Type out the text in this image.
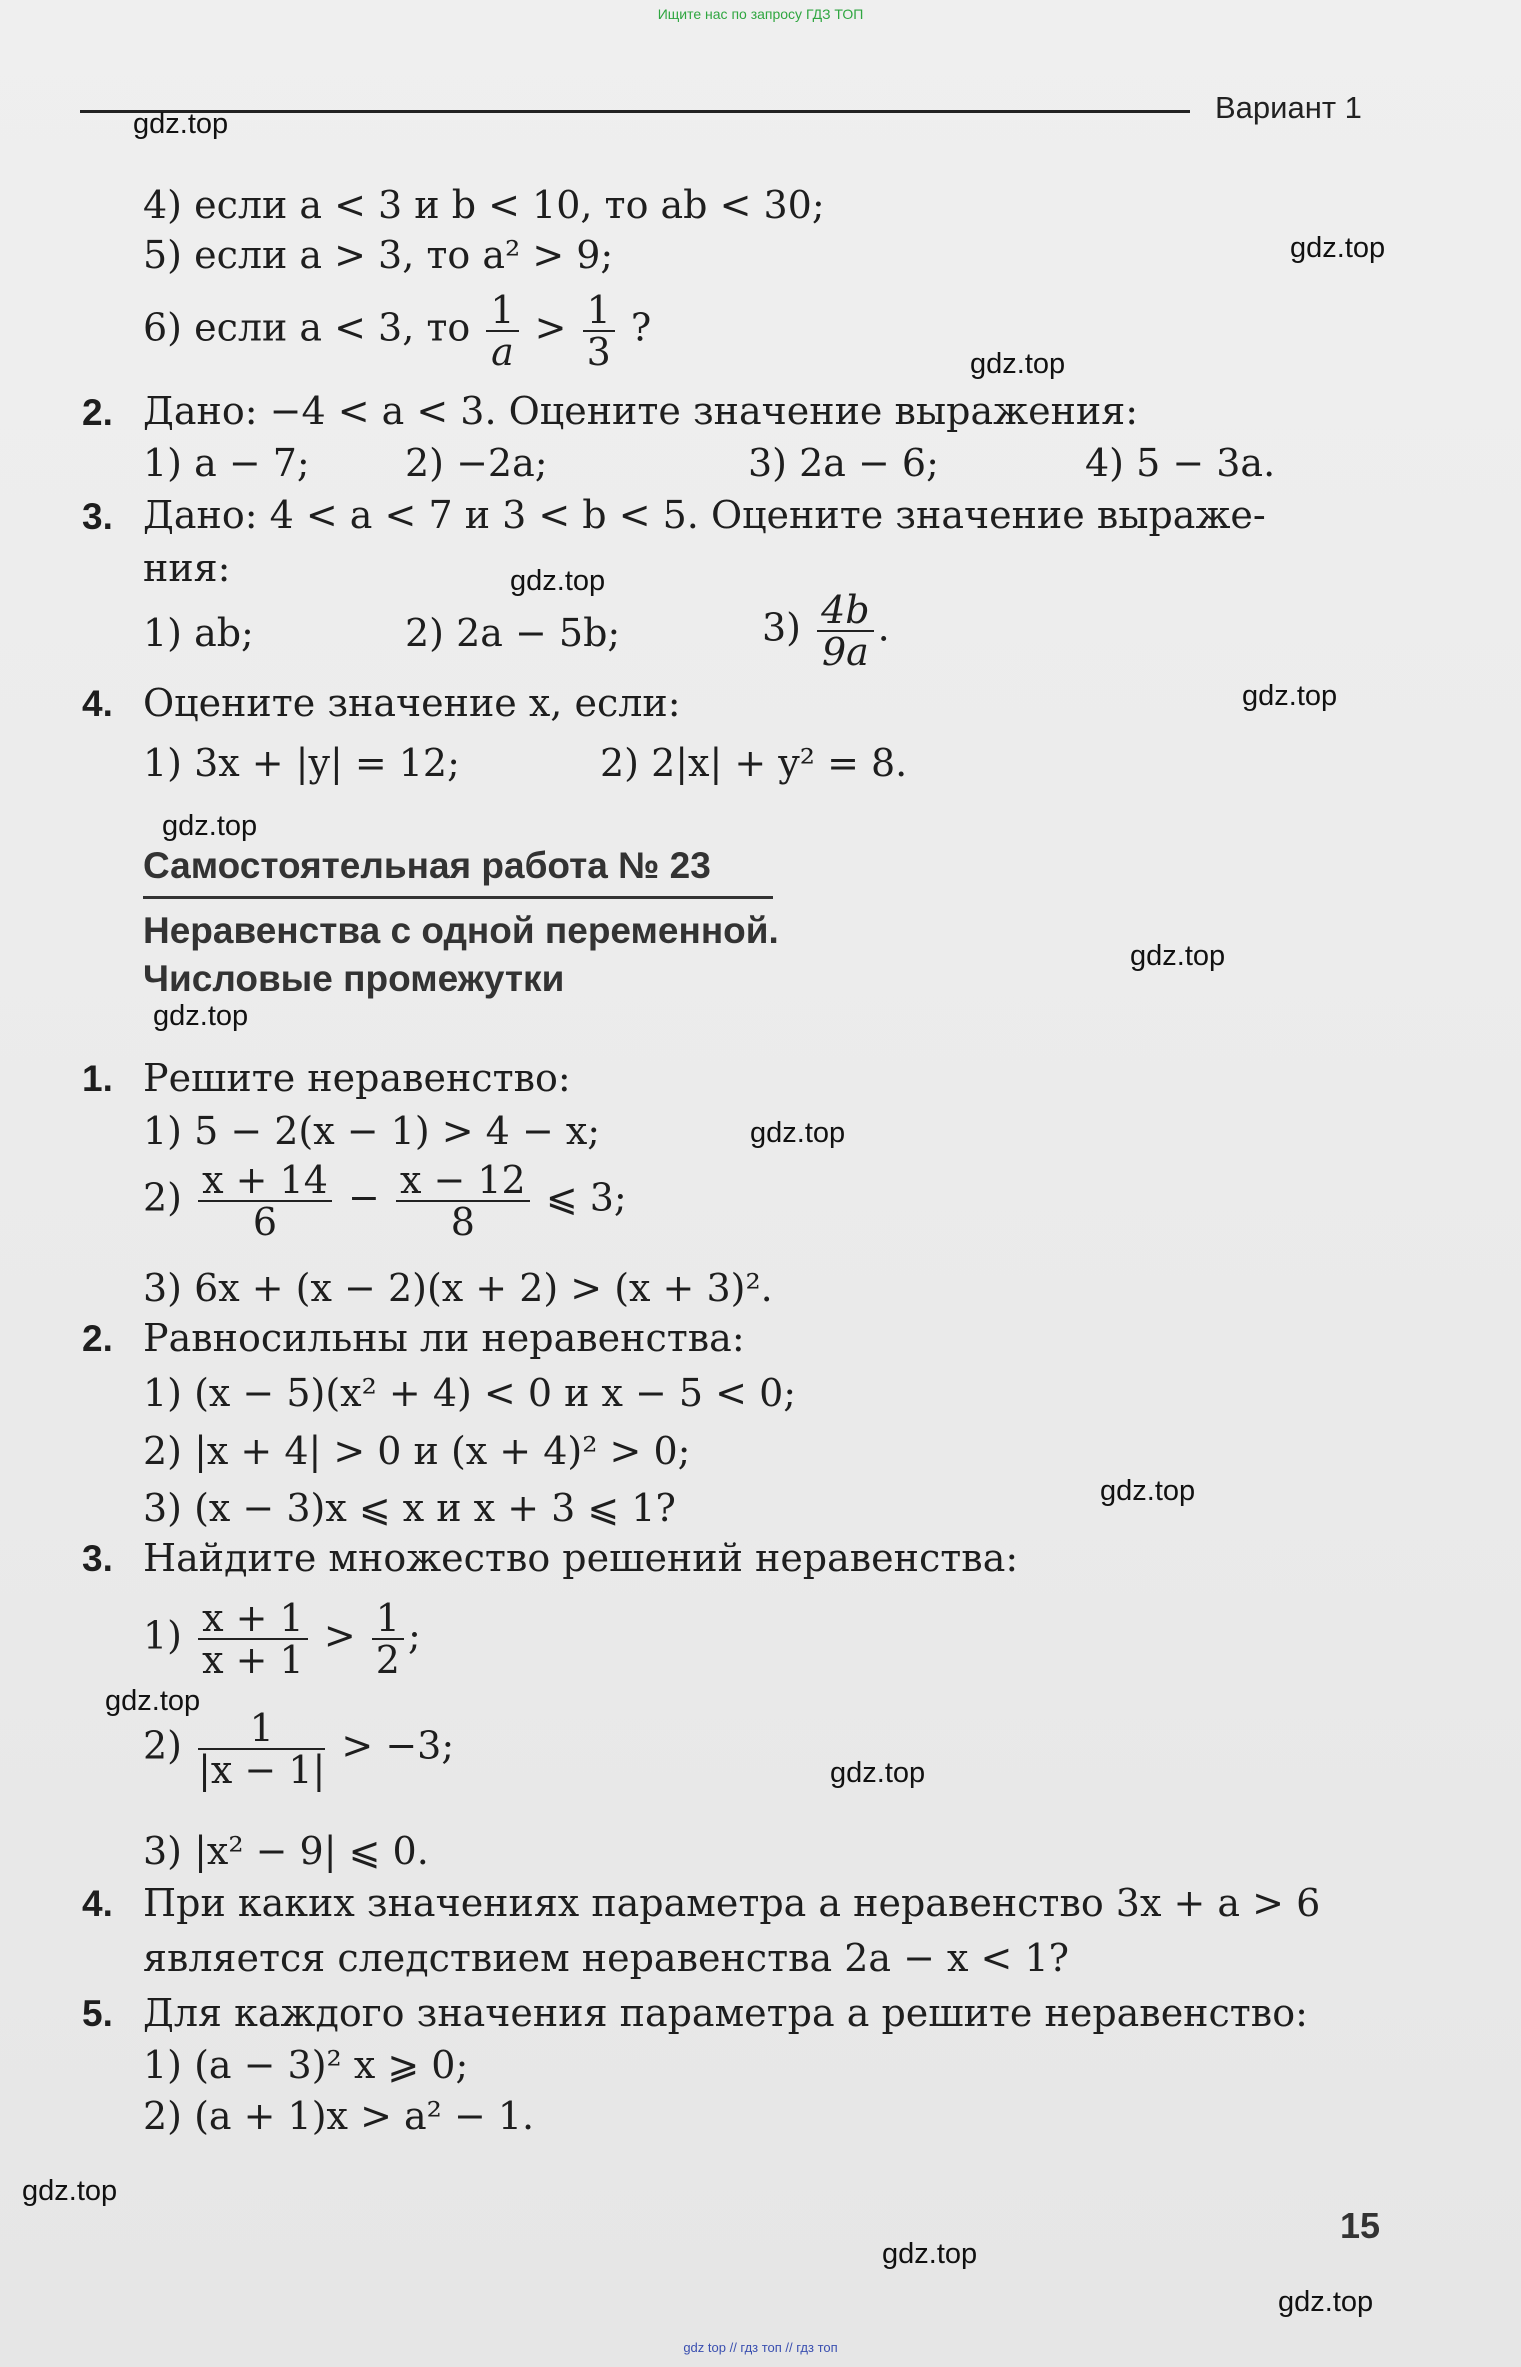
Ищите нас по запросу ГДЗ ТОП
Вариант 1
4) если a < 3 и b < 10, то ab < 30;
5) если a > 3, то a² > 9;
6) если a < 3, то $\frac{1}{a} > \frac{1}{3}$ ?
2. Дано: −4 < a < 3. Оцените значение выражения:
1) a − 7;	2) −2a;	3) 2a − 6;	4) 5 − 3a.
3. Дано: 4 < a < 7 и 3 < b < 5. Оцените значение выраже-
ния:
1) ab;	2) 2a − 5b;	$3) \frac{4b}{9a}$ .
4. Оцените значение x, если:
1) 3x + |y| = 12;	2) 2|x| + y² = 8.
Самостоятельная работа № 23
Неравенства с одной переменной.
Числовые промежутки
1. Решите неравенство:
1) 5 − 2(x − 1) > 4 − x;
$2) \frac{x + 14}{6} - \frac{x - 12}{8}$ ⩽ 3;
3) 6x + (x − 2)(x + 2) > (x + 3)².
2. Равносильны ли неравенства:
1) (x − 5)(x² + 4) < 0 и x − 5 < 0;
2) |x + 4| > 0 и (x + 4)² > 0;
3) (x − 3)x ⩽ x и x + 3 ⩽ 1?
3. Найдите множество решений неравенства:
$1) \frac{x + 1}{x + 1} > \frac{1}{2}$ ;
$2) \frac{1}{|x - 1|} > -3$;
3) |x² − 9| ⩽ 0.
4. При каких значениях параметра a неравенство 3x + a > 6
является следствием неравенства 2a − x < 1?
5. Для каждого значения параметра a решите неравенство:
1) (a − 3)² x ⩾ 0;
2) (a + 1)x > a² − 1.
15
gdz.top
gdz.top
gdz.top
gdz.top
gdz.top
gdz.top
gdz.top
gdz.top
gdz.top
gdz.top
gdz.top
gdz.top
gdz.top
gdz.top
gdz.top
gdz top // гдз топ // гдз топ
